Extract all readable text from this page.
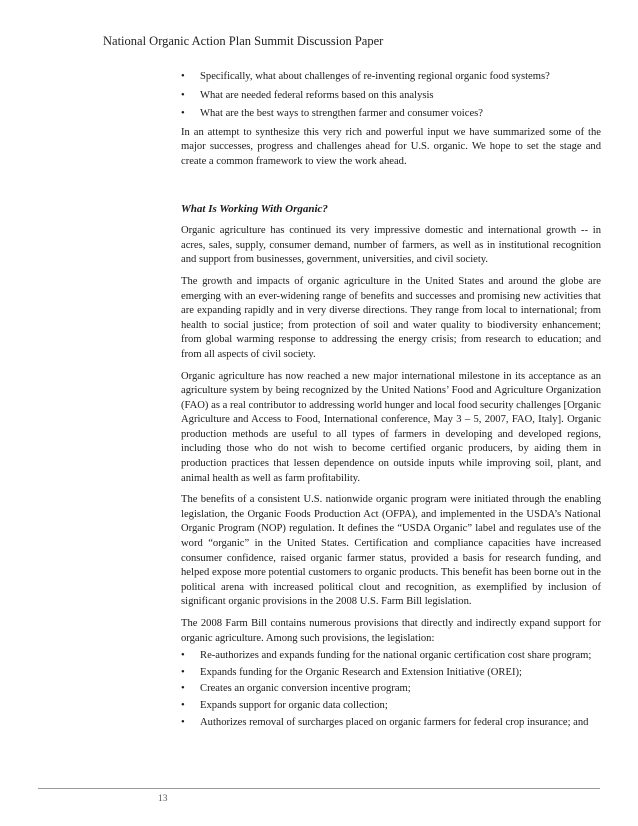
National Organic Action Plan Summit Discussion Paper
• Specifically, what about challenges of re-inventing regional organic food systems?
• What are needed federal reforms based on this analysis
• What are the best ways to strengthen farmer and consumer voices?

In an attempt to synthesize this very rich and powerful input we have summarized some of the major successes, progress and challenges ahead for U.S. organic. We hope to set the stage and create a common framework to view the work ahead.

What Is Working With Organic?

Organic agriculture has continued its very impressive domestic and international growth -- in acres, sales, supply, consumer demand, number of farmers, as well as in institutional recognition and support from businesses, government, universities, and civil society.

The growth and impacts of organic agriculture in the United States and around the globe are emerging with an ever-widening range of benefits and successes and promising new activities that are expanding rapidly and in very diverse directions. They range from local to international; from health to social justice; from protection of soil and water quality to biodiversity enhancement; from global warming response to addressing the energy crisis; from research to education; and from all aspects of civil society.

Organic agriculture has now reached a new major international milestone in its acceptance as an agriculture system by being recognized by the United Nations’ Food and Agriculture Organization (FAO) as a real contributor to addressing world hunger and local food security challenges [Organic Agriculture and Access to Food, International conference, May 3 – 5, 2007, FAO, Italy]. Organic production methods are useful to all types of farmers in developing and developed regions, including those who do not wish to become certified organic producers, by aiding them in production practices that lessen dependence on outside inputs while improving soil, plant, and animal health as well as farm profitability.

The benefits of a consistent U.S. nationwide organic program were initiated through the enabling legislation, the Organic Foods Production Act (OFPA), and implemented in the USDA’s National Organic Program (NOP) regulation. It defines the “USDA Organic” label and regulates use of the word “organic” in the United States. Certification and compliance capacities have increased consumer confidence, raised organic farmer status, provided a basis for research funding, and helped expose more potential customers to organic products. This benefit has been borne out in the political arena with increased political clout and recognition, as exemplified by inclusion of significant organic provisions in the 2008 U.S. Farm Bill legislation.

The 2008 Farm Bill contains numerous provisions that directly and indirectly expand support for organic agriculture. Among such provisions, the legislation:

• Re-authorizes and expands funding for the national organic certification cost share program;
• Expands funding for the Organic Research and Extension Initiative (OREI);
• Creates an organic conversion incentive program;
• Expands support for organic data collection;
• Authorizes removal of surcharges placed on organic farmers for federal crop insurance; and
13
